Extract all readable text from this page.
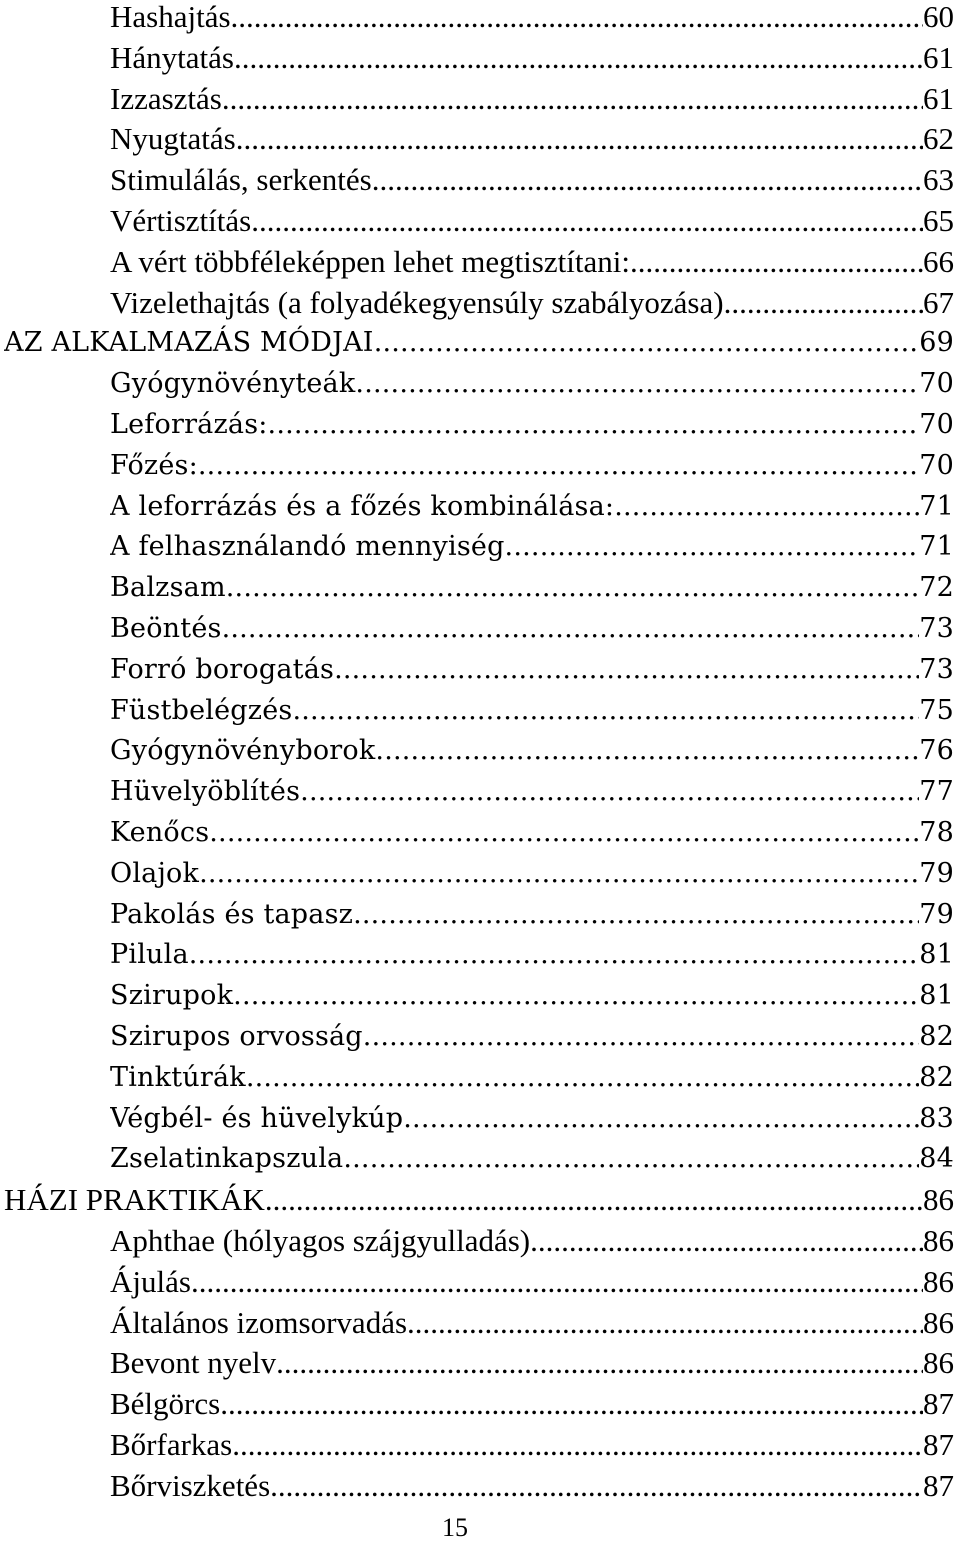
Hashajtás .....	60
Hánytatás .....	61
Izzasztás .....	61
Nyugtatás .....	62
Stimulálás, serkentés .....	63
Vértisztítás .....	65
A vért többféleképpen lehet megtisztítani: .....	66
Vizelethajtás (a folyadékegyensúly szabályozása) .....	67
AZ ALKALMAZÁS MÓDJAI .....	69
Gyógynövényteák .....	70
Leforrázás: .....	70
Főzés: .....	70
A leforrázás és a főzés kombinálása: .....	71
A felhasználandó mennyiség. .....	71
Balzsam .....	72
Beöntés .....	73
Forró borogatás .....	73
Füstbelégzés .....	75
Gyógynövényborok .....	76
Hüvelyöblítés .....	77
Kenőcs .....	78
Olajok .....	79
Pakolás és tapasz .....	79
Pilula .....	81
Szirupok .....	81
Szirupos orvosság .....	82
Tinktúrák .....	82
Végbél- és hüvelykúp .....	83
Zselatinkapszula .....	84
HÁZI PRAKTIKÁK .....	86
Aphthae (hólyagos szájgyulladás) .....	86
Ájulás .....	86
Általános izomsorvadás .....	86
Bevont nyelv .....	86
Bélgörcs .....	87
Bőrfarkas .....	87
Bőrviszketés .....	87
15
